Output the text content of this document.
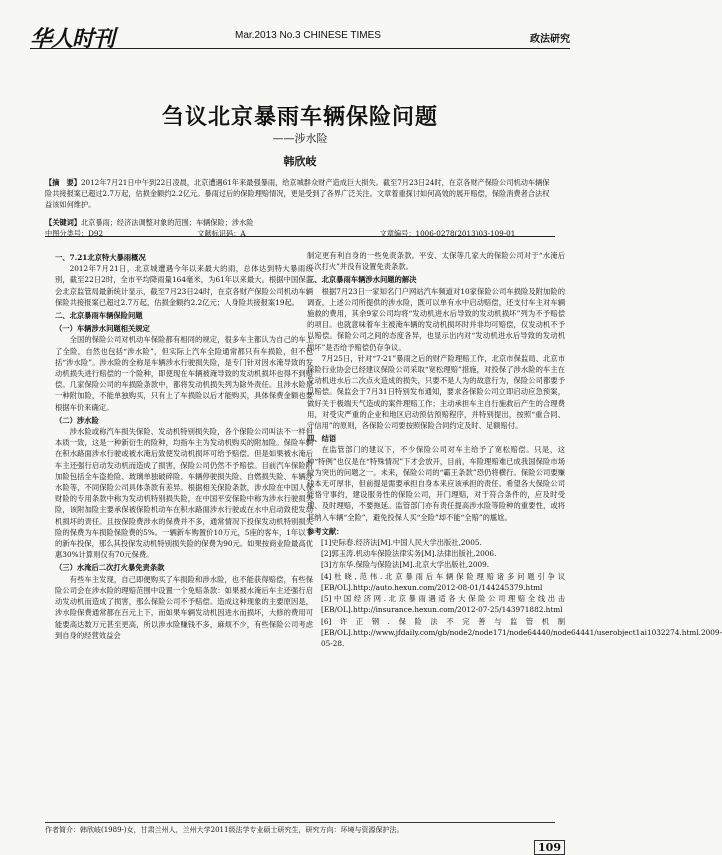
华人时刊	Mar.2013 No.3 CHINESE TIMES	政法研究
刍议北京暴雨车辆保险问题
——涉水险
韩欣岐
【摘　要】2012年7月21日中午到22日凌晨，北京遭遇61年来最强暴雨，给京城群众财产造成巨大损失。截至7月23日24时，在京各财产保险公司机动车辆保险共接报案已超过2.7万起，估损金额约2.2亿元。暴雨过后的保险理赔情况，更是受到了各界广泛关注。文章着重探讨如何高效的展开赔偿，保险消费者合法权益该如何维护。
【关键词】北京暴雨；经济法调整对象的范围；车辆保险；涉水险
中图分类号：D92	文献标识码：A	文章编号：1006-0278(2013)03-109-01

一、7.21北京特大暴雨概况

2012年7月21日，北京城遭遇今年以来最大的雨，总体达到特大暴雨级别，截至22日2时，全市平均降雨量164毫米，为61年以来最大。根据中国保监会北京监管局最新统计显示，截至7月23日24时，在京各财产保险公司机动车辆保险共接报案已超过2.7万起，估损金额约2.2亿元；人身险共接报案19起。

二、北京暴雨车辆保险问题

（一）车辆涉水问题相关规定

全国的保险公司对机动车保险都有相同的规定，很多车主都认为自己的车上了全险，自然也包括“涉水险”，但实际上汽车全险通常都只有车损险，但不包括“涉水险”。涉水险的全称是车辆涉水行驶损失险，是专门针对因水淹导致的发动机损失进行赔偿的一个险种，即使现在车辆被淹导致的发动机损坏也得不到赔偿。几家保险公司的车损险条款中，都将发动机损失列为除外责任。且涉水险是一种附加险，不能单独购买，只有上了车损险以后才能购买，具体保费金额也要根据车价来确定。

（二）涉水险

涉水险或称汽车损失保险、发动机特别损失险，各个保险公司叫法不一样但本质一致，这是一种新衍生的险种，均指车主为发动机购买的附加险。保险车辆在积水路面涉水行驶或被水淹后致使发动机损坏可给予赔偿。但是如果被水淹后车主还强行启动发动机而造成了损害，保险公司仍然不予赔偿。目前汽车保险附加险包括全车盗抢险、玻璃单独破碎险、车辆停驶损失险、自燃损失险、车辆涉水险等，不同保险公司具体条款有差异。根据相关保险条款，涉水险在中国人保财险的专用条款中称为发动机特别损失险，在中国平安保险中称为涉水行驶损失险，该附加险主要承保被保险机动车在积水路面涉水行驶或在水中启动致使发动机损坏的责任。且按保险费涉水的保费并不多，通常情况下投保发动机特别损失险的保费为车损险保险费的5%。一辆新车购置价10万元，5座的客车，1年以下的新车投保，那么其投保发动机特别损失险的保费为90元。如果按商业险最高优惠30%计算则仅有70元保费。

（三）水淹后二次打火暴免责条款

有些车主发现，自己即便购买了车损险和涉水险，也不能获得赔偿，有些保险公司会在涉水险的理赔范围中设置一个免赔条款：如果被水淹后车主还强行启动发动机而造成了损害，那么保险公司不予赔偿。造成这种现象的主要原因是，涉水险保费通常都在百元上下，而如果车辆发动机因进水而损坏，大修的费用可能要高达数万元甚至更高，所以涉水险赚钱不多，麻烦不少，有些保险公司考虑到自身的经营效益会

制定更有利自身的一些免责条款。平安、太保等几家大的保险公司对于“水淹后二次打火”并没有设置免责条款。

三、北京暴雨车辆涉水问题的解决

根据7月23日一家知名门户网站汽车频道对10家保险公司车损险及附加险的调查，上述公司所提供的涉水险，既可以单有水中启动赔偿，还支付车主对车辆施救的费用，其余9家公司均将“发动机进水后导致的发动机损坏”列为不予赔偿的项目。也就意味着车主被淹车辆的发动机损坏时并非均可赔偿，仅发动机不予以赔偿。保险公司之间的态度各异，也显示出内对“发动机进水后导致的发动机损坏”是否给予赔偿仍存争议。

7月25日，针对“7·21”暴雨之后的财产险理赔工作，北京市保监局、北京市保险行业协会已经建议保险公司采取“宽松理赔”措施，对投保了涉水险的车主在发动机进水后二次点火造成的损失，只要不是人为的故意行为，保险公司都要予以赔偿。保监会于7月31日特别发布通知，要求各保险公司立即启动应急预案，做好关于极端天气造成的案件理赔工作；主动承担车主自行施救后产生的合理费用，对受灾严重的企业和地区启动预估预赔程序，并特别提出，按照“重合同、守信用”的原则，各保险公司要按照保险合同约定及时、足额赔付。

四、结语

在监管部门的建议下，不少保险公司对车主给予了宽松赔偿。只是，这种“特例”也仅是在“特殊情况”下才会放开，目前，车险理赔难已成我国保险市场较为突出的问题之一。未来，保险公司的“霸王条款”恐仍将横行。保险公司要赚钱本无可厚非，但前提是需要承担自身本来应该承担的责任。希望各大保险公司能恪守事约，建设服务性的保险公司，开门理赔，对于符合条件的，应及时受理、及时理赔，不要拖延。监管部门亦有责任提高涉水险等险种的重要性，或将其纳入车辆“全险”，避免投保人买“全险”却不能“全赔”的尴尬。

参考文献：

[1]史际春.经济法[M].中国人民大学出版社,2005.

[2]郭玉涛.机动车保险法律实务[M].法律出版社,2006.

[3]方东华.保险与保险法[M].北京大学出版社,2009.

[4]杜晓,范伟.北京暴雨后车辆保险理赔诸多问题引争议[EB/OL].http://auto.hexun.com/2012-08-01/144245379.html

[5]中国经济网.北京暴雨遇适各大保险公司理赔全线出击[EB/OL].http://insurance.hexun.com/2012-07-25/143971882.html

[6]许正钢.保险法不完善与监管机制[EB/OL].http://www.jfdaily.com/gb/node2/node171/node64440/node64441/userobject1ai1032274.html.2009-05-28.

作者简介：韩欣岐(1989-)女，甘肃兰州人，兰州大学2011级法学专业硕士研究生，研究方向：环境与资源保护法。
109
